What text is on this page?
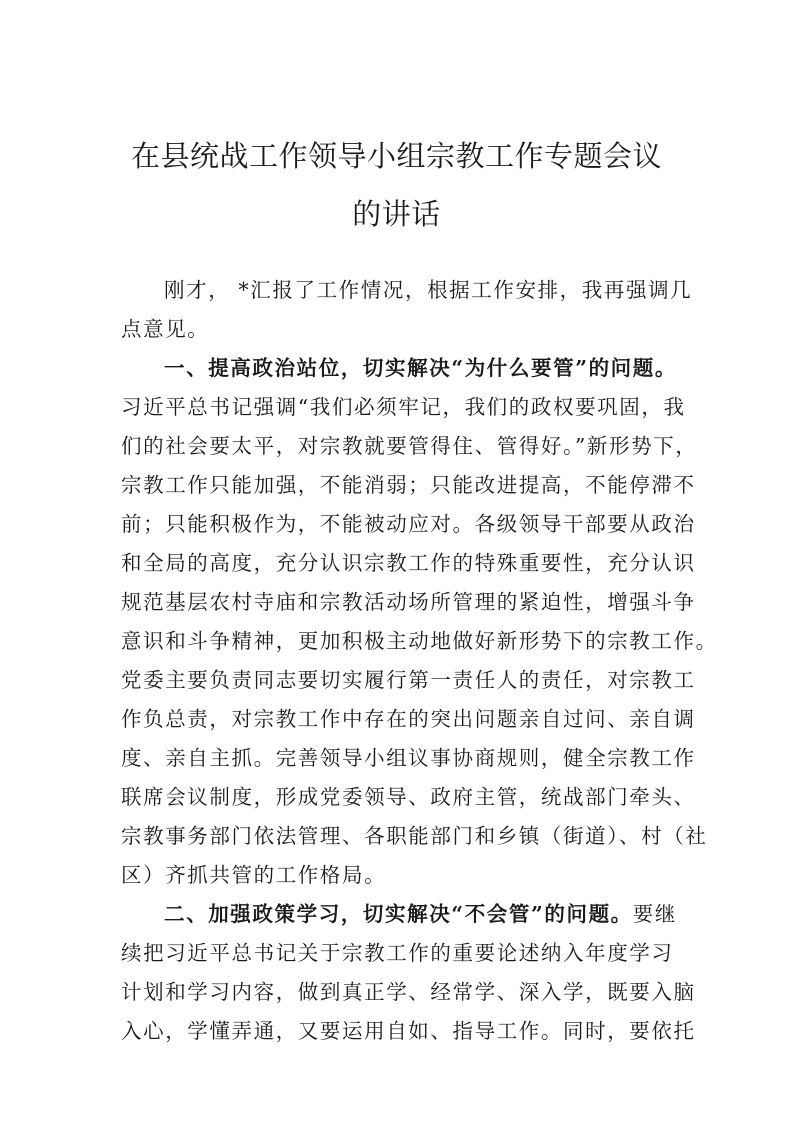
在县统战工作领导小组宗教工作专题会议
的讲话
刚才， *汇报了工作情况，根据工作安排，我再强调几
点意见。
一、提高政治站位，切实解决“为什么要管”的问题。
习近平总书记强调“我们必须牢记，我们的政权要巩固，我
们的社会要太平，对宗教就要管得住、管得好。”新形势下，
宗教工作只能加强，不能消弱；只能改进提高，不能停滞不
前；只能积极作为，不能被动应对。各级领导干部要从政治
和全局的高度，充分认识宗教工作的特殊重要性，充分认识
规范基层农村寺庙和宗教活动场所管理的紧迫性，增强斗争
意识和斗争精神，更加积极主动地做好新形势下的宗教工作。
党委主要负责同志要切实履行第一责任人的责任，对宗教工
作负总责，对宗教工作中存在的突出问题亲自过问、亲自调
度、亲自主抓。完善领导小组议事协商规则，健全宗教工作
联席会议制度，形成党委领导、政府主管，统战部门牵头、
宗教事务部门依法管理、各职能部门和乡镇（街道）、村（社
区）齐抓共管的工作格局。
二、加强政策学习，切实解决“不会管”的问题。要继
续把习近平总书记关于宗教工作的重要论述纳入年度学习
计划和学习内容，做到真正学、经常学、深入学，既要入脑
入心，学懂弄通，又要运用自如、指导工作。同时，要依托
